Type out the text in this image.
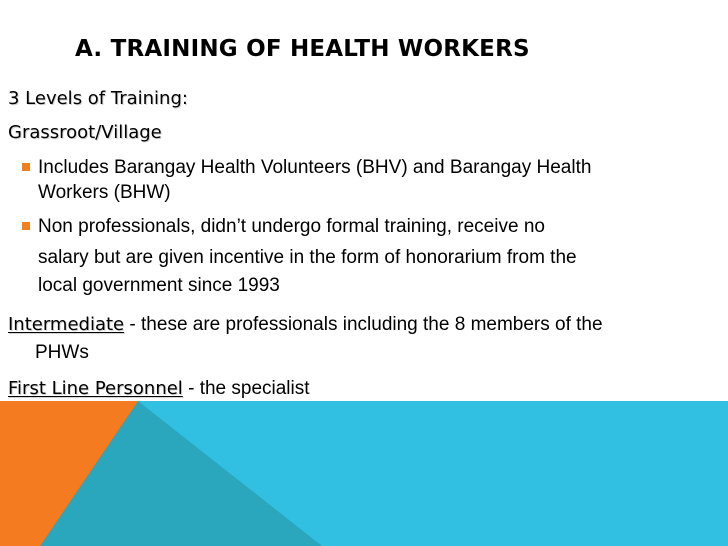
A. TRAINING OF HEALTH WORKERS
3 Levels of Training:
Grassroot/Village
Includes Barangay Health Volunteers (BHV) and Barangay Health
Workers (BHW)
Non professionals, didn’t undergo formal training, receive no
salary but are given incentive in the form of honorarium from the
local government since 1993
Intermediate - these are professionals including the 8 members of the
PHWs
First Line Personnel - the specialist
